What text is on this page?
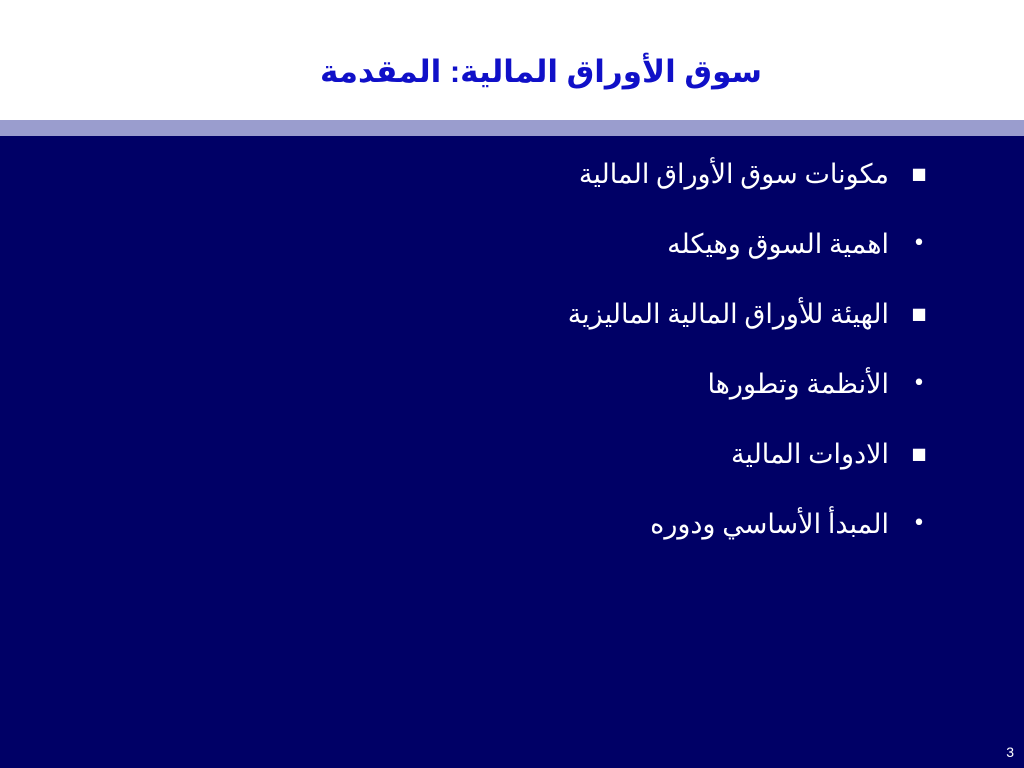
سوق الأوراق المالية: المقدمة
■
مكونات سوق الأوراق المالية
•
اهمية السوق وهيكله
■
الهيئة للأوراق المالية الماليزية
•
الأنظمة وتطورها
■
الادوات المالية
•
المبدأ الأساسي ودوره
3
